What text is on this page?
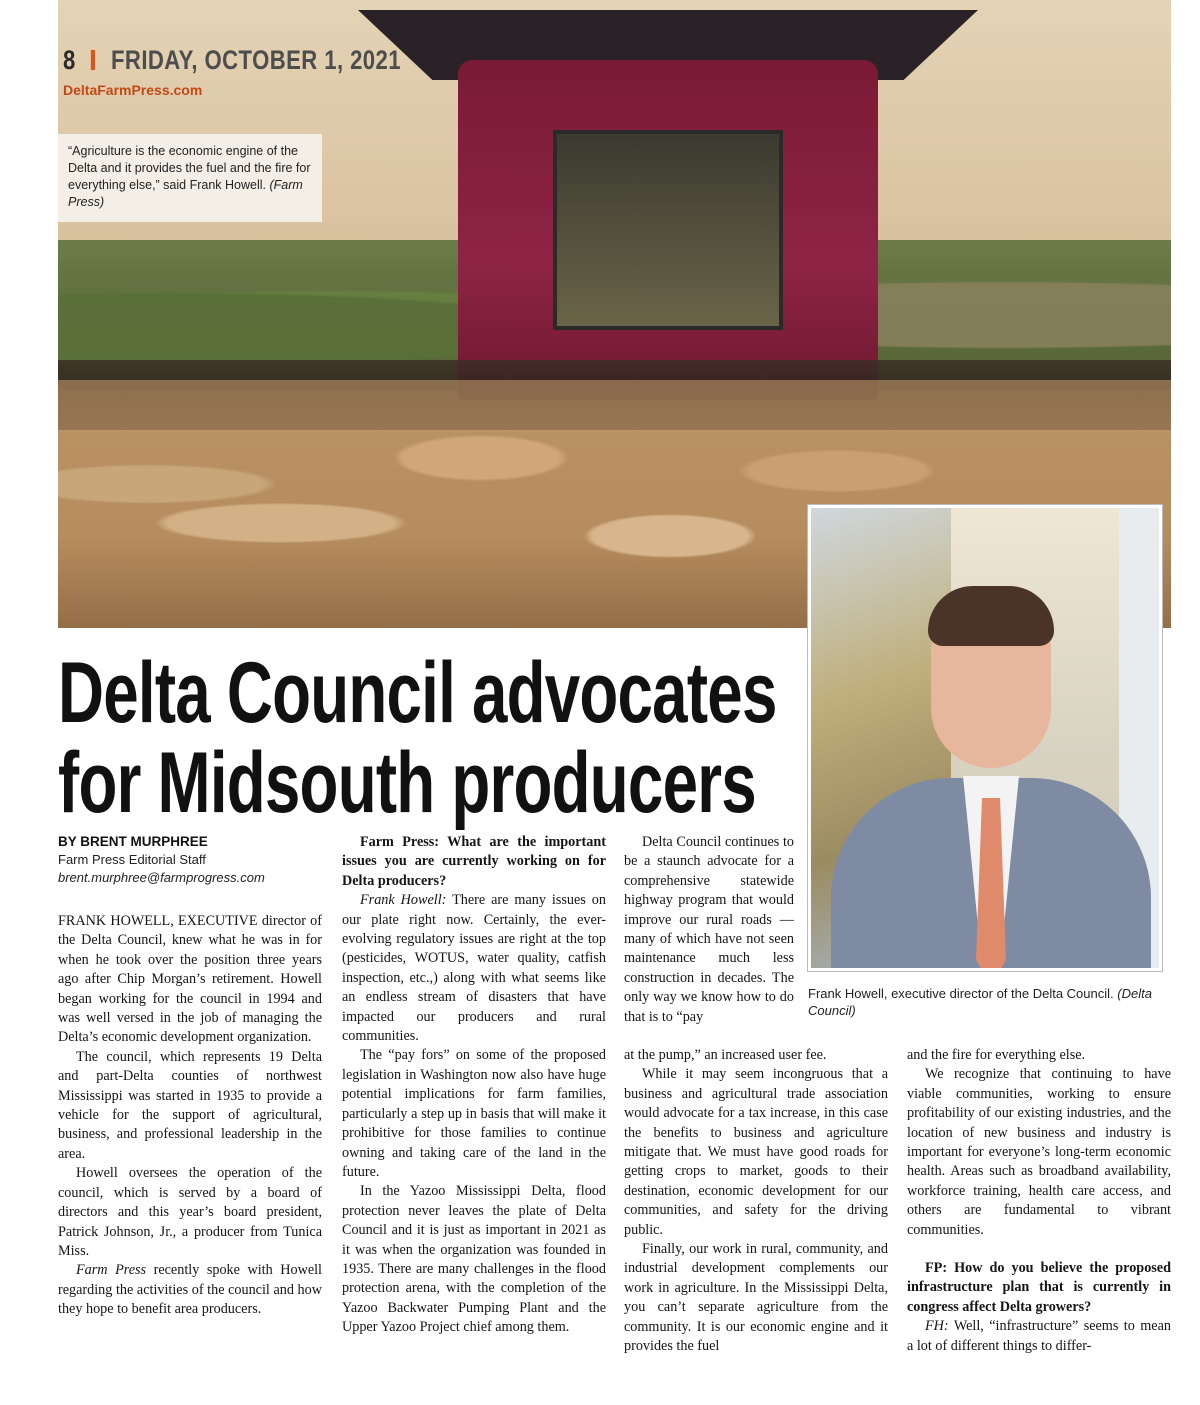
8 FRIDAY, OCTOBER 1, 2021
DeltaFarmPress.com
“Agriculture is the economic engine of the Delta and it provides the fuel and the fire for everything else,” said Frank Howell. (Farm Press)
Frank Howell, executive director of the Delta Council. (Delta Council)
Delta Council advocates
for Midsouth producers
BY BRENT MURPHREE
Farm Press Editorial Staff
brent.murphree@farmprogress.com

FRANK HOWELL, EXECUTIVE director of the Delta Council, knew what he was in for when he took over the position three years ago after Chip Morgan’s retirement. Howell began working for the council in 1994 and was well versed in the job of managing the Delta’s economic development organization.

The council, which represents 19 Delta and part-Delta counties of northwest Mississippi was started in 1935 to provide a vehicle for the support of agricultural, business, and professional leadership in the area.

Howell oversees the operation of the council, which is served by a board of directors and this year’s board president, Patrick Johnson, Jr., a producer from Tunica Miss.

Farm Press recently spoke with Howell regarding the activities of the council and how they hope to benefit area producers.

Farm Press: What are the important issues you are currently working on for Delta producers?

Frank Howell: There are many issues on our plate right now. Certainly, the ever-evolving regulatory issues are right at the top (pesticides, WOTUS, water quality, catfish inspection, etc.,) along with what seems like an endless stream of disasters that have impacted our producers and rural communities.

The “pay fors” on some of the proposed legislation in Washington now also have huge potential implications for farm families, particularly a step up in basis that will make it prohibitive for those families to continue owning and taking care of the land in the future.

In the Yazoo Mississippi Delta, flood protection never leaves the plate of Delta Council and it is just as important in 2021 as it was when the organization was founded in 1935. There are many challenges in the flood protection arena, with the completion of the Yazoo Backwater Pumping Plant and the Upper Yazoo Project chief among them.

Delta Council continues to be a staunch advocate for a comprehensive statewide highway program that would improve our rural roads — many of which have not seen maintenance much less construction in decades. The only way we know how to do that is to “pay

at the pump,” an increased user fee.

While it may seem incongruous that a business and agricultural trade association would advocate for a tax increase, in this case the benefits to business and agriculture mitigate that. We must have good roads for getting crops to market, goods to their destination, economic development for our communities, and safety for the driving public.

Finally, our work in rural, community, and industrial development complements our work in agriculture. In the Mississippi Delta, you can’t separate agriculture from the community. It is our economic engine and it provides the fuel

and the fire for everything else.

We recognize that continuing to have viable communities, working to ensure profitability of our existing industries, and the location of new business and industry is important for everyone’s long-term economic health. Areas such as broadband availability, workforce training, health care access, and others are fundamental to vibrant communities.

FP: How do you believe the proposed infrastructure plan that is currently in congress affect Delta growers?

FH: Well, “infrastructure” seems to mean a lot of different things to differ-
